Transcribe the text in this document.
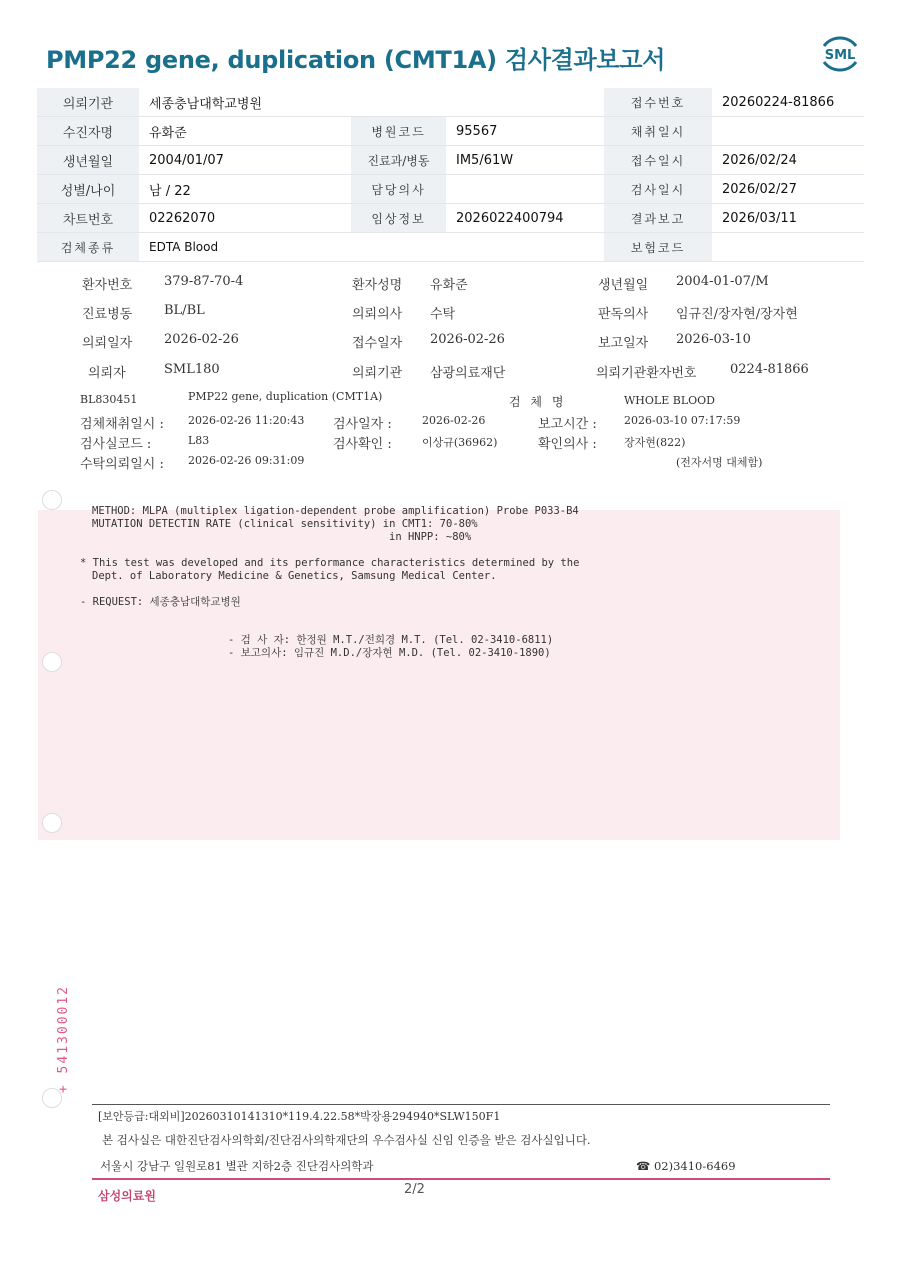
PMP22 gene, duplication (CMT1A) 검사결과보고서	SML
의뢰기관	세종충남대학교병원			접수번호	20260224-81866
수진자명	유화준	병원코드	95567	채취일시	
생년월일	2004/01/07	진료과/병동	IM5/61W	접수일시	2026/02/24
성별/나이	남 / 22	담당의사		검사일시	2026/02/27
차트번호	02262070	임상정보	2026022400794	결과보고	2026/03/11
검체종류	EDTA Blood			보험코드	
환자번호 379-87-70-4	환자성명 유화준	생년월일 2004-01-07/M
진료병동 BL/BL	의뢰의사 수탁	판독의사 임규진/장자현/장자현
의뢰일자 2026-02-26	접수일자 2026-02-26	보고일자 2026-03-10
의뢰자	SML180	의뢰기관 삼광의료재단	의뢰기관환자번호	0224-81866
BL830451	PMP22 gene, duplication (CMT1A)	검 체 명	WHOLE BLOOD
검체채취일시 : 2026-02-26 11:20:43 검사일자 :	2026-02-26	보고시간 : 2026-03-10 07:17:59
검사실코드 :	L83	검사확인 :	이상규(36962)	확인의사 : 장자현(822)
수탁의뢰일시 : 2026-02-26 09:31:09	(전자서명 대체함)
METHOD: MLPA (multiplex ligation-dependent probe amplification) Probe P033-B4
MUTATION DETECTIN RATE (clinical sensitivity) in CMT1: 70-80%
in HNPP: ~80%
* This test was developed and its performance characteristics determined by the
Dept. of Laboratory Medicine & Genetics, Samsung Medical Center.
- REQUEST: 세종충남대학교병원
- 검 사 자: 한정원 M.T./전희경 M.T. (Tel. 02-3410-6811)
- 보고의사: 임규진 M.D./장자현 M.D. (Tel. 02-3410-1890)
+ 541300012
[보안등급:대외비]20260310141310*119.4.22.58*박장용294940*SLW150F1
본 검사실은 대한진단검사의학회/진단검사의학재단의 우수검사실 신임 인증을 받은 검사실입니다.
서울시 강남구 일원로81 별관 지하2층 진단검사의학과	☎ 02)3410-6469
삼성의료원	2/2
